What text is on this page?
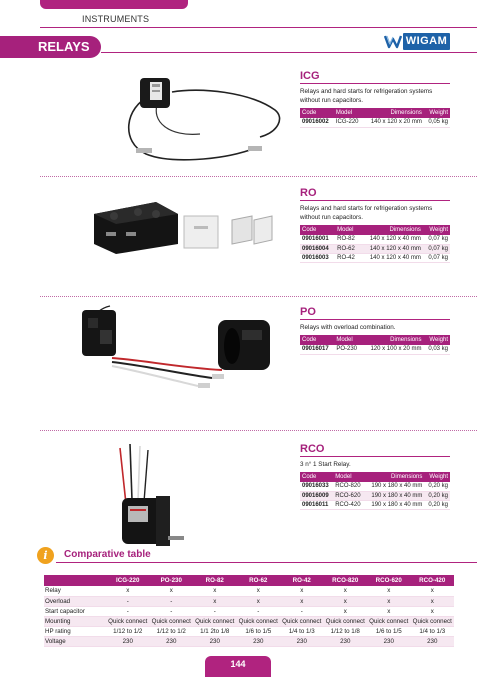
INSTRUMENTS
RELAYS	WIGAM
ICG
Relays and hard starts for refrigeration systems without run capacitors.
Code	Model	Dimensions	Weight
09016002	ICG-220	140 x 120 x 20 mm	0,05 kg
RO
Relays and hard starts for refrigeration systems without run capacitors.
Code	Model	Dimensions	Weight
09016001	RO-82	140 x 120 x 40 mm	0,07 kg
09016004	RO-62	140 x 120 x 40 mm	0,07 kg
09016003	RO-42	140 x 120 x 40 mm	0,07 kg
PO
Relays with overload combination.
Code	Model	Dimensions	Weight
09016017	PO-230	120 x 100 x 20 mm	0,03 kg
RCO
3 n° 1 Start Relay.
Code	Model	Dimensions	Weight
09016033	RCO-820	190 x 180 x 40 mm	0,20 kg
09016009	RCO-620	190 x 180 x 40 mm	0,20 kg
09016011	RCO-420	190 x 180 x 40 mm	0,20 kg
i	Comparative table
	ICG-220	PO-230	RO-82	RO-62	RO-42	RCO-820	RCO-620	RCO-420
Relay	x	x	x	x	x	x	x	x
Overload	-	-	x	x	x	x	x	x
Start capacitor	-	-	-	-	-	x	x	x
Mounting	Quick connect	Quick connect	Quick connect	Quick connect	Quick connect	Quick connect	Quick connect	Quick connect
HP rating	1/12 to 1/2	1/12 to 1/2	1/1 2to 1/8	1/6 to 1/5	1/4 to 1/3	1/12 to 1/8	1/6 to 1/5	1/4 to 1/3
Voltage	230	230	230	230	230	230	230	230
144
